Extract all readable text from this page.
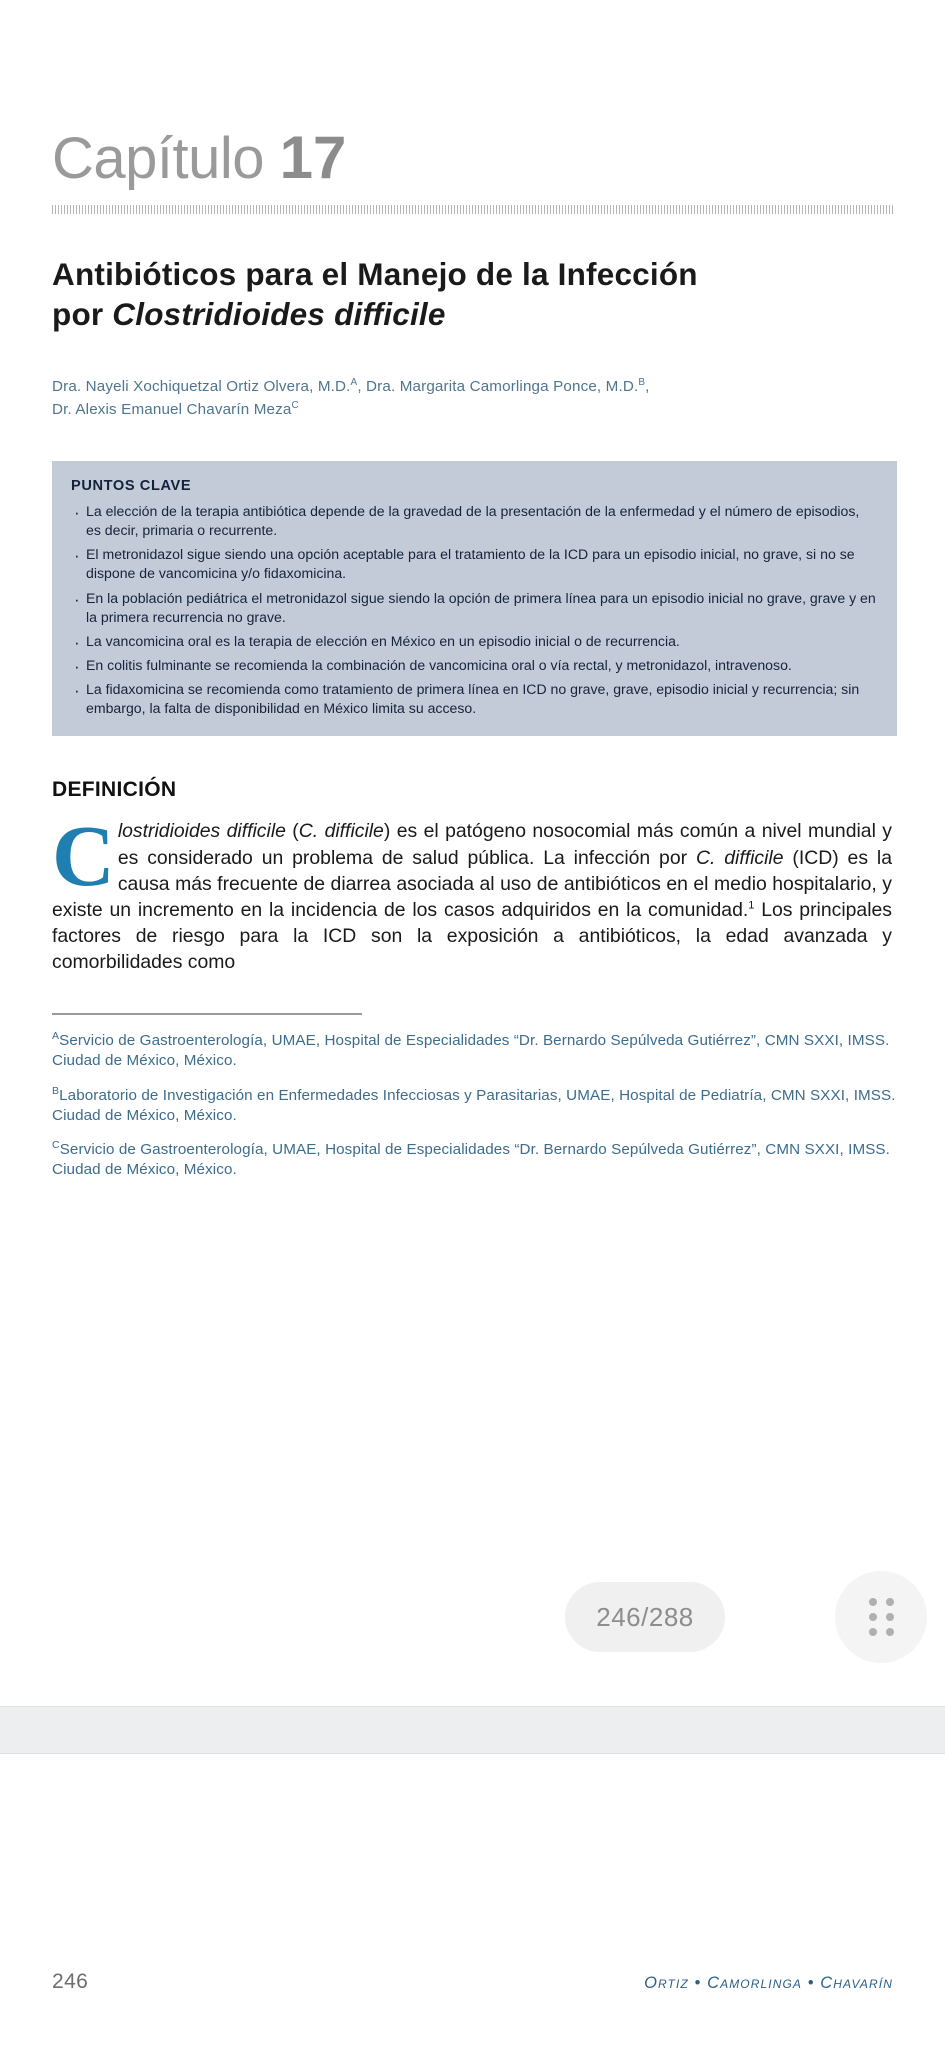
Capítulo 17
Antibióticos para el Manejo de la Infección
por Clostridioides difficile
Dra. Nayeli Xochiquetzal Ortiz Olvera, M.D.$^A$, Dra. Margarita Camorlinga Ponce, M.D.$^B$,
Dr. Alexis Emanuel Chavarín Meza$^C$
PUNTOS CLAVE
· La elección de la terapia antibiótica depende de la gravedad de la presentación de la enfermedad y el número de episodios, es decir, primaria o recurrente.
· El metronidazol sigue siendo una opción aceptable para el tratamiento de la ICD para un episodio inicial, no grave, si no se dispone de vancomicina y/o fidaxomicina.
· En la población pediátrica el metronidazol sigue siendo la opción de primera línea para un episodio inicial no grave, grave y en la primera recurrencia no grave.
· La vancomicina oral es la terapia de elección en México en un episodio inicial o de recurrencia.
· En colitis fulminante se recomienda la combinación de vancomicina oral o vía rectal, y metronidazol, intravenoso.
· La fidaxomicina se recomienda como tratamiento de primera línea en ICD no grave, grave, episodio inicial y recurrencia; sin embargo, la falta de disponibilidad en México limita su acceso.
DEFINICIÓN

Clostridioides difficile (C. difficile) es el patógeno nosocomial más común a nivel mundial y es considerado un problema de salud pública. La infección por C. difficile (ICD) es la causa más frecuente de diarrea asociada al uso de antibióticos en el medio hospitalario, y existe un incremento en la incidencia de los casos adquiridos en la comunidad.$^1$ Los principales factores de riesgo para la ICD son la exposición a antibióticos, la edad avanzada y comorbilidades como

$^A$Servicio de Gastroenterología, UMAE, Hospital de Especialidades “Dr. Bernardo Sepúlveda Gutiérrez”, CMN SXXI, IMSS. Ciudad de México, México.
$^B$Laboratorio de Investigación en Enfermedades Infecciosas y Parasitarias, UMAE, Hospital de Pediatría, CMN SXXI, IMSS. Ciudad de México, México.
$^C$Servicio de Gastroenterología, UMAE, Hospital de Especialidades “Dr. Bernardo Sepúlveda Gutiérrez”, CMN SXXI, IMSS. Ciudad de México, México.
246	Ortiz • Camorlinga • Chavarín
246/288
